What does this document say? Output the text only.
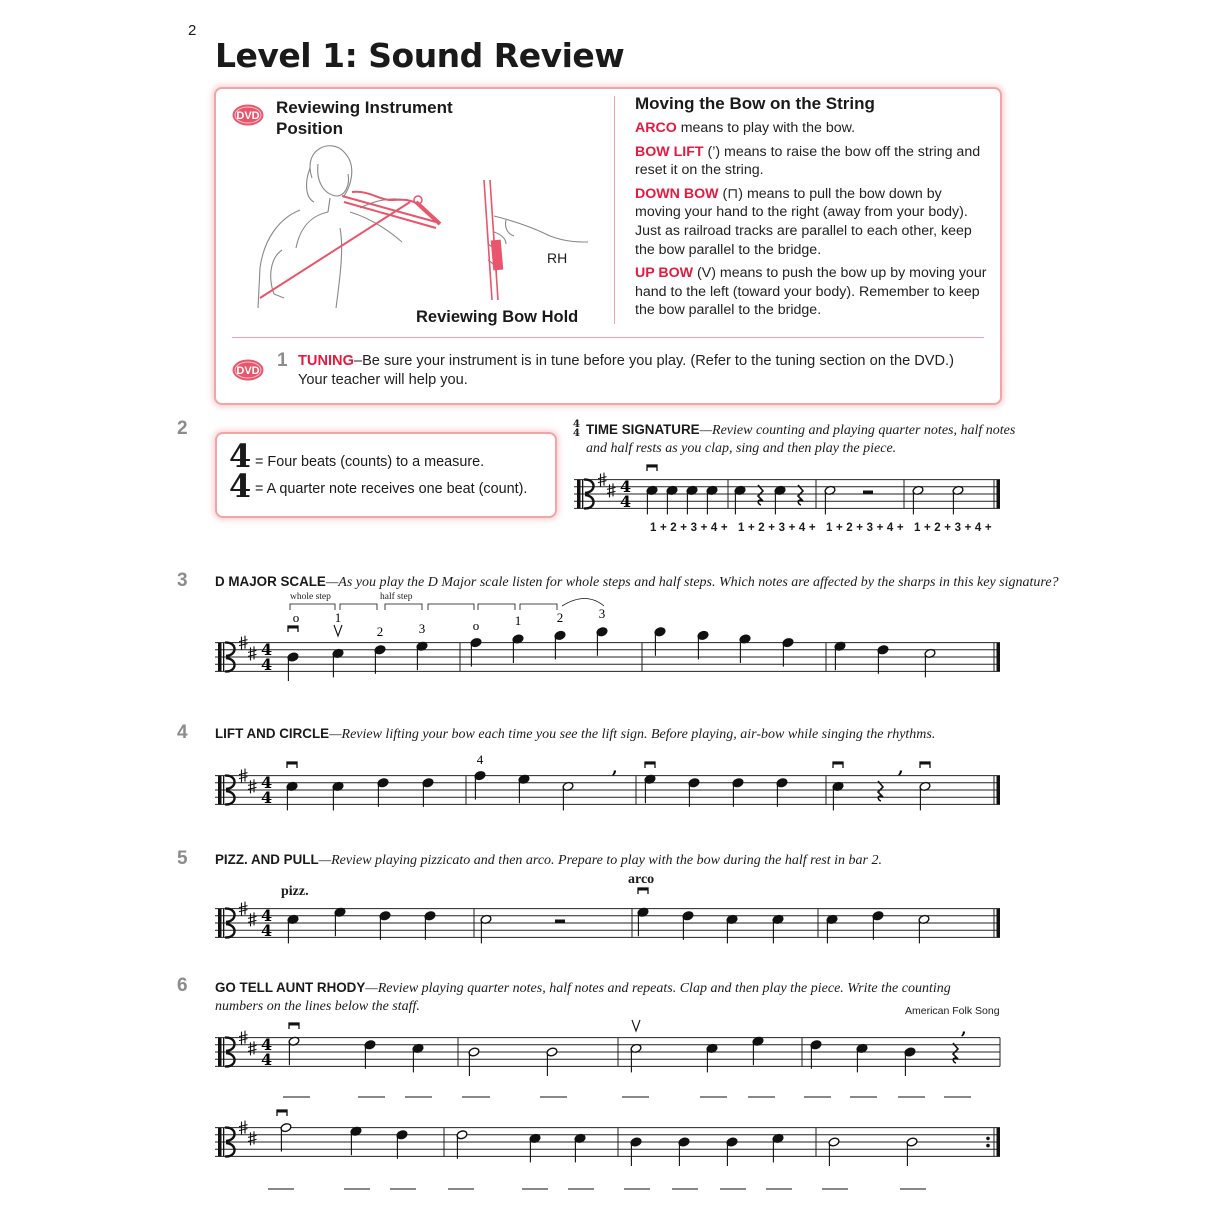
2
Level 1: Sound Review
DVD Reviewing Instrument Position
RH
Reviewing Bow Hold
Moving the Bow on the String
ARCO means to play with the bow.
BOW LIFT (’) means to raise the bow off the string and reset it on the string.
DOWN BOW (⊓) means to pull the bow down by moving your hand to the right (away from your body). Just as railroad tracks are parallel to each other, keep the bow parallel to the bridge.
UP BOW (V) means to push the bow up by moving your hand to the left (toward your body). Remember to keep the bow parallel to the bridge.
DVD 1 TUNING–Be sure your instrument is in tune before you play. (Refer to the tuning section on the DVD.) Your teacher will help you.
4
4
= Four beats (counts) to a measure.
= A quarter note receives one beat (count).
2
3
4
5
6
4
4 TIME SIGNATURE—Review counting and playing quarter notes, half notes and half rests as you clap, sing and then play the piece.
D MAJOR SCALE—As you play the D Major scale listen for whole steps and half steps. Which notes are affected by the sharps in this key signature?
LIFT AND CIRCLE—Review lifting your bow each time you see the lift sign. Before playing, air-bow while singing the rhythms.
PIZZ. AND PULL—Review playing pizzicato and then arco. Prepare to play with the bow during the half rest in bar 2.
GO TELL AUNT RHODY—Review playing quarter notes, half notes and repeats. Clap and then play the piece. Write the counting numbers on the lines below the staff.	American Folk Song
whole step	half step
pizz.
arco
1 + 2 + 3 + 4 + 1 + 2 + 3 + 4 + 1 + 2 + 3 + 4 + 1 + 2 + 3 + 4 +
4
4
4
4
o	1
2	3	o	1	2	3
4
4
,
4	,
4
4
4
4
,
